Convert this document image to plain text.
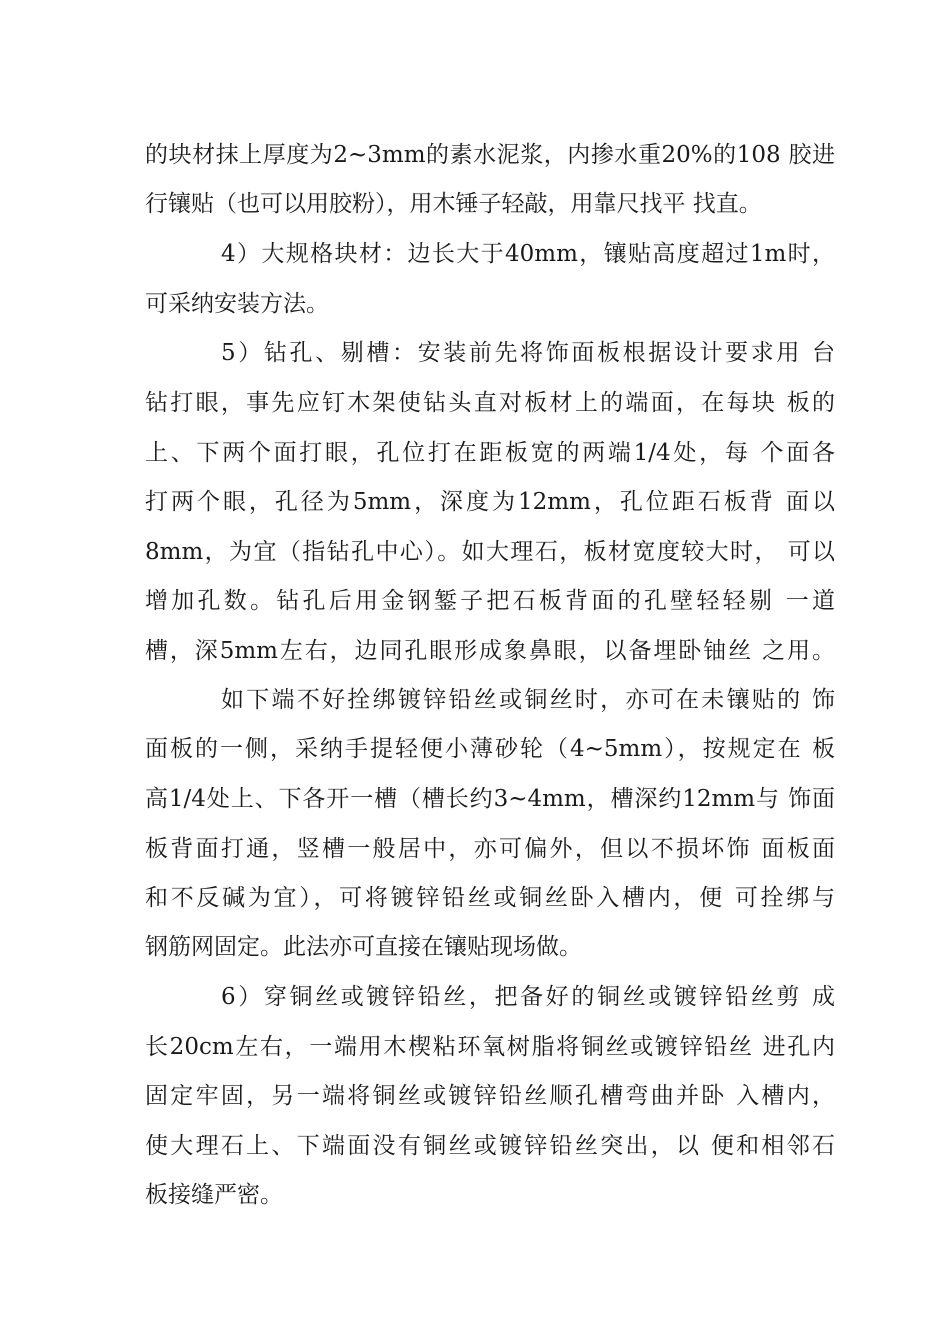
的块材抹上厚度为2~3mm的素水泥浆，内掺水重20%的108 胶进
行镶贴（也可以用胶粉），用木锤子轻敲，用靠尺找平 找直。
4）大规格块材：边长大于40mm，镶贴高度超过1m时，
可采纳安装方法。
5）钻孔、剔槽：安装前先将饰面板根据设计要求用 台
钻打眼，事先应钉木架使钻头直对板材上的端面，在每块 板的
上、下两个面打眼，孔位打在距板宽的两端1/4处，每 个面各
打两个眼，孔径为5mm，深度为12mm，孔位距石板背 面以
8mm，为宜（指钻孔中心）。如大理石，板材宽度较大时， 可以
增加孔数。钻孔后用金钢錾子把石板背面的孔壁轻轻剔 一道
槽，深5mm左右，边同孔眼形成象鼻眼，以备埋卧铀丝 之用。
如下端不好拴绑镀锌铅丝或铜丝时，亦可在未镶贴的 饰
面板的一侧，采纳手提轻便小薄砂轮（4~5mm），按规定在 板
高1/4处上、下各开一槽（槽长约3~4mm，槽深约12mm与 饰面
板背面打通，竖槽一般居中，亦可偏外，但以不损坏饰 面板面
和不反碱为宜），可将镀锌铅丝或铜丝卧入槽内，便 可拴绑与
钢筋网固定。此法亦可直接在镶贴现场做。
6）穿铜丝或镀锌铅丝，把备好的铜丝或镀锌铅丝剪 成
长20cm左右，一端用木楔粘环氧树脂将铜丝或镀锌铅丝 进孔内
固定牢固，另一端将铜丝或镀锌铅丝顺孔槽弯曲并卧 入槽内，
使大理石上、下端面没有铜丝或镀锌铅丝突出，以 便和相邻石
板接缝严密。
